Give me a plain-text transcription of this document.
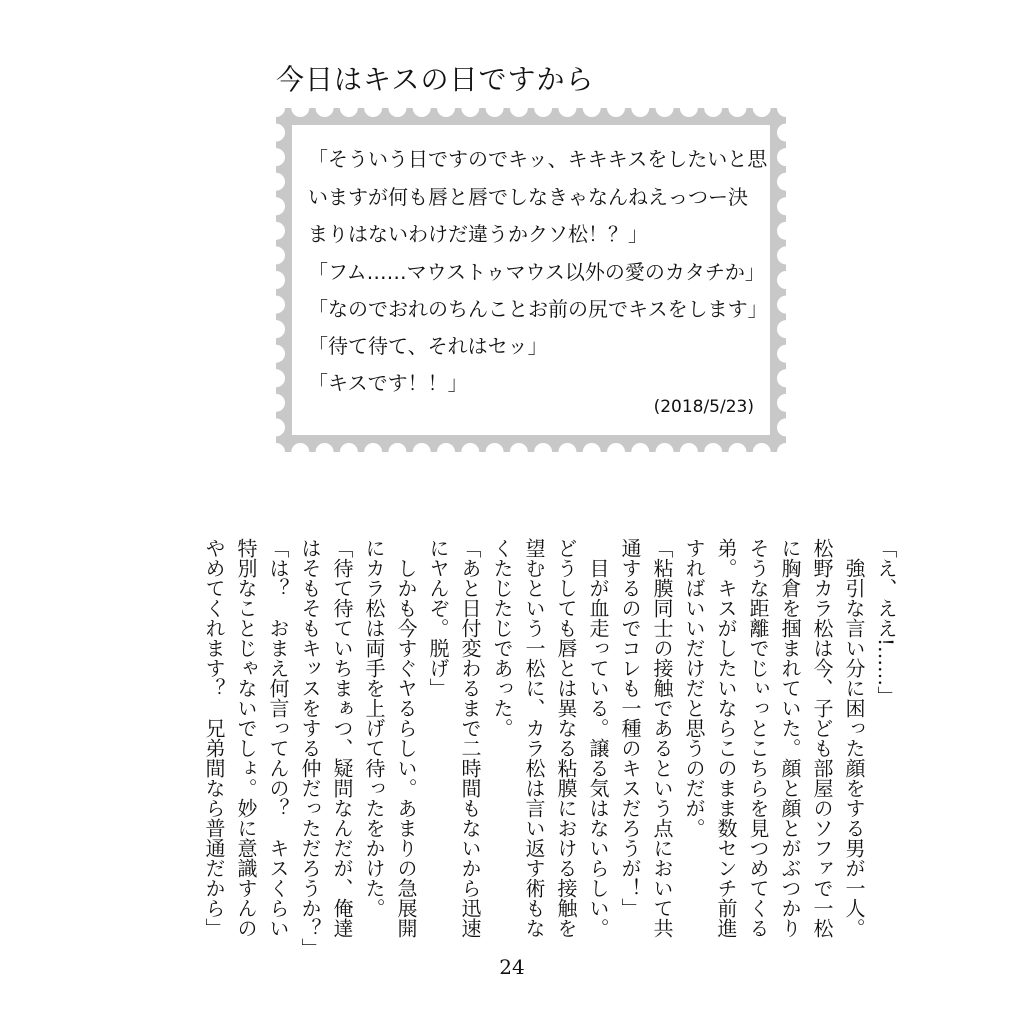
今日はキスの日ですから
「そういう日ですのでキッ、キキキスをしたいと思
いますが何も唇と唇でしなきゃなんねえっつー決
まりはないわけだ違うかクソ松！？」
「フム……マウストゥマウス以外の愛のカタチか」
「なのでおれのちんことお前の尻でキスをします」
「待て待て、それはセッ」
「キスです！！」
(2018/5/23)
「え、ええ!……」
　強引な言い分に困った顔をする男が一人。
松野カラ松は今、子ども部屋のソファで一松
に胸倉を掴まれていた。顔と顔とがぶつかり
そうな距離でじぃっとこちらを見つめてくる
弟。キスがしたいならこのまま数センチ前進
すればいいだけだと思うのだが。
「粘膜同士の接触であるという点において共
通するのでコレも一種のキスだろうが！」
　目が血走っている。譲る気はないらしい。
どうしても唇とは異なる粘膜における接触を
望むという一松に、カラ松は言い返す術もな
くたじたじであった。
「あと日付変わるまで二時間もないから迅速
にヤんぞ。脱げ」
　しかも今すぐヤるらしい。あまりの急展開
にカラ松は両手を上げて待ったをかけた。
「待て待ていちまぁつ、疑問なんだが、俺達
はそもそもキッスをする仲だっただろうか？」
「は？　おまえ何言ってんの？　キスくらい
特別なことじゃないでしょ。妙に意識すんの
やめてくれます？　兄弟間なら普通だから」
24
